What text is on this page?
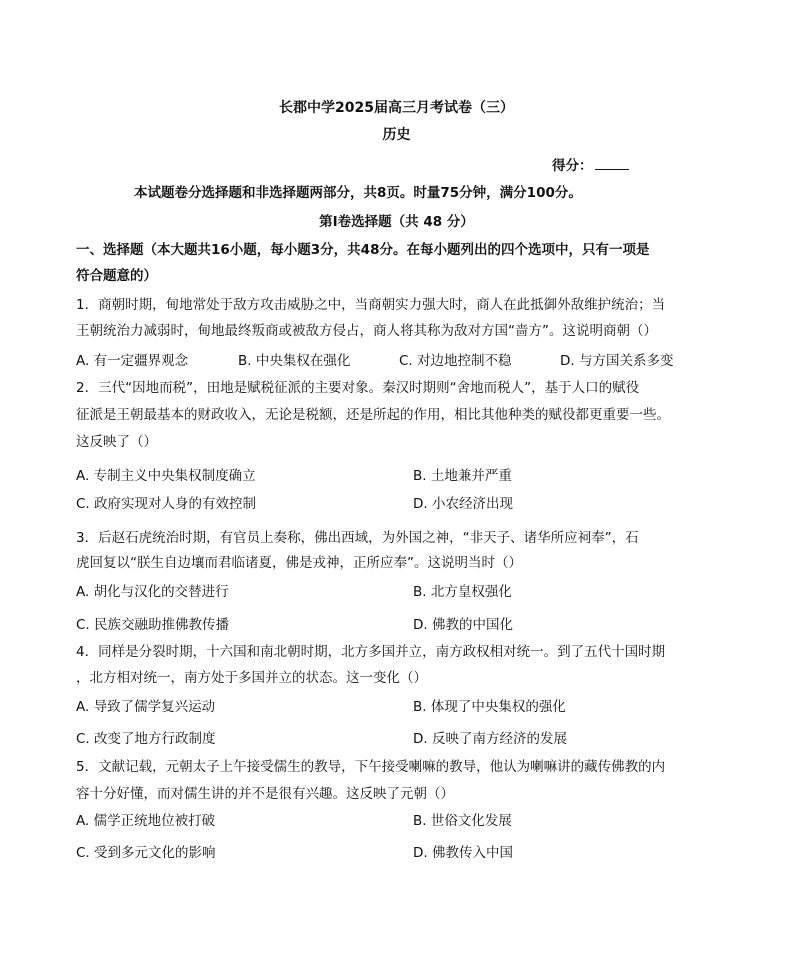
长郡中学2025届高三月考试卷（三）
历史
得分：
本试题卷分选择题和非选择题两部分，共8页。时量75分钟，满分100分。
第Ⅰ卷选择题（共 48 分）
一、选择题（本大题共16小题，每小题3分，共48分。在每小题列出的四个选项中，只有一项是
符合题意的）
1．商朝时期，甸地常处于敌方攻击威胁之中，当商朝实力强大时，商人在此抵御外敌维护统治；当
王朝统治力减弱时，甸地最终叛商或被敌方侵占，商人将其称为敌对方国“啬方”。这说明商朝（）
A. 有一定疆界观念	B. 中央集权在强化	C. 对边地控制不稳	D. 与方国关系多变
2．三代“因地而税”，田地是赋税征派的主要对象。秦汉时期则“舍地而税人”，基于人口的赋役
征派是王朝最基本的财政收入，无论是税额，还是所起的作用，相比其他种类的赋役都更重要一些。
这反映了（）
A. 专制主义中央集权制度确立	B. 土地兼并严重
C. 政府实现对人身的有效控制	D. 小农经济出现
3．后赵石虎统治时期，有官员上奏称，佛出西域，为外国之神，“非天子、诸华所应祠奉”，石
虎回复以“朕生自边壤而君临诸夏，佛是戎神，正所应奉”。这说明当时（）
A. 胡化与汉化的交替进行	B. 北方皇权强化
C. 民族交融助推佛教传播	D. 佛教的中国化
4．同样是分裂时期，十六国和南北朝时期，北方多国并立，南方政权相对统一。到了五代十国时期
，北方相对统一，南方处于多国并立的状态。这一变化（）
A. 导致了儒学复兴运动	B. 体现了中央集权的强化
C. 改变了地方行政制度	D. 反映了南方经济的发展
5．文献记载，元朝太子上午接受儒生的教导，下午接受喇嘛的教导，他认为喇嘛讲的藏传佛教的内
容十分好懂，而对儒生讲的并不是很有兴趣。这反映了元朝（）
A. 儒学正统地位被打破	B. 世俗文化发展
C. 受到多元文化的影响	D. 佛教传入中国
